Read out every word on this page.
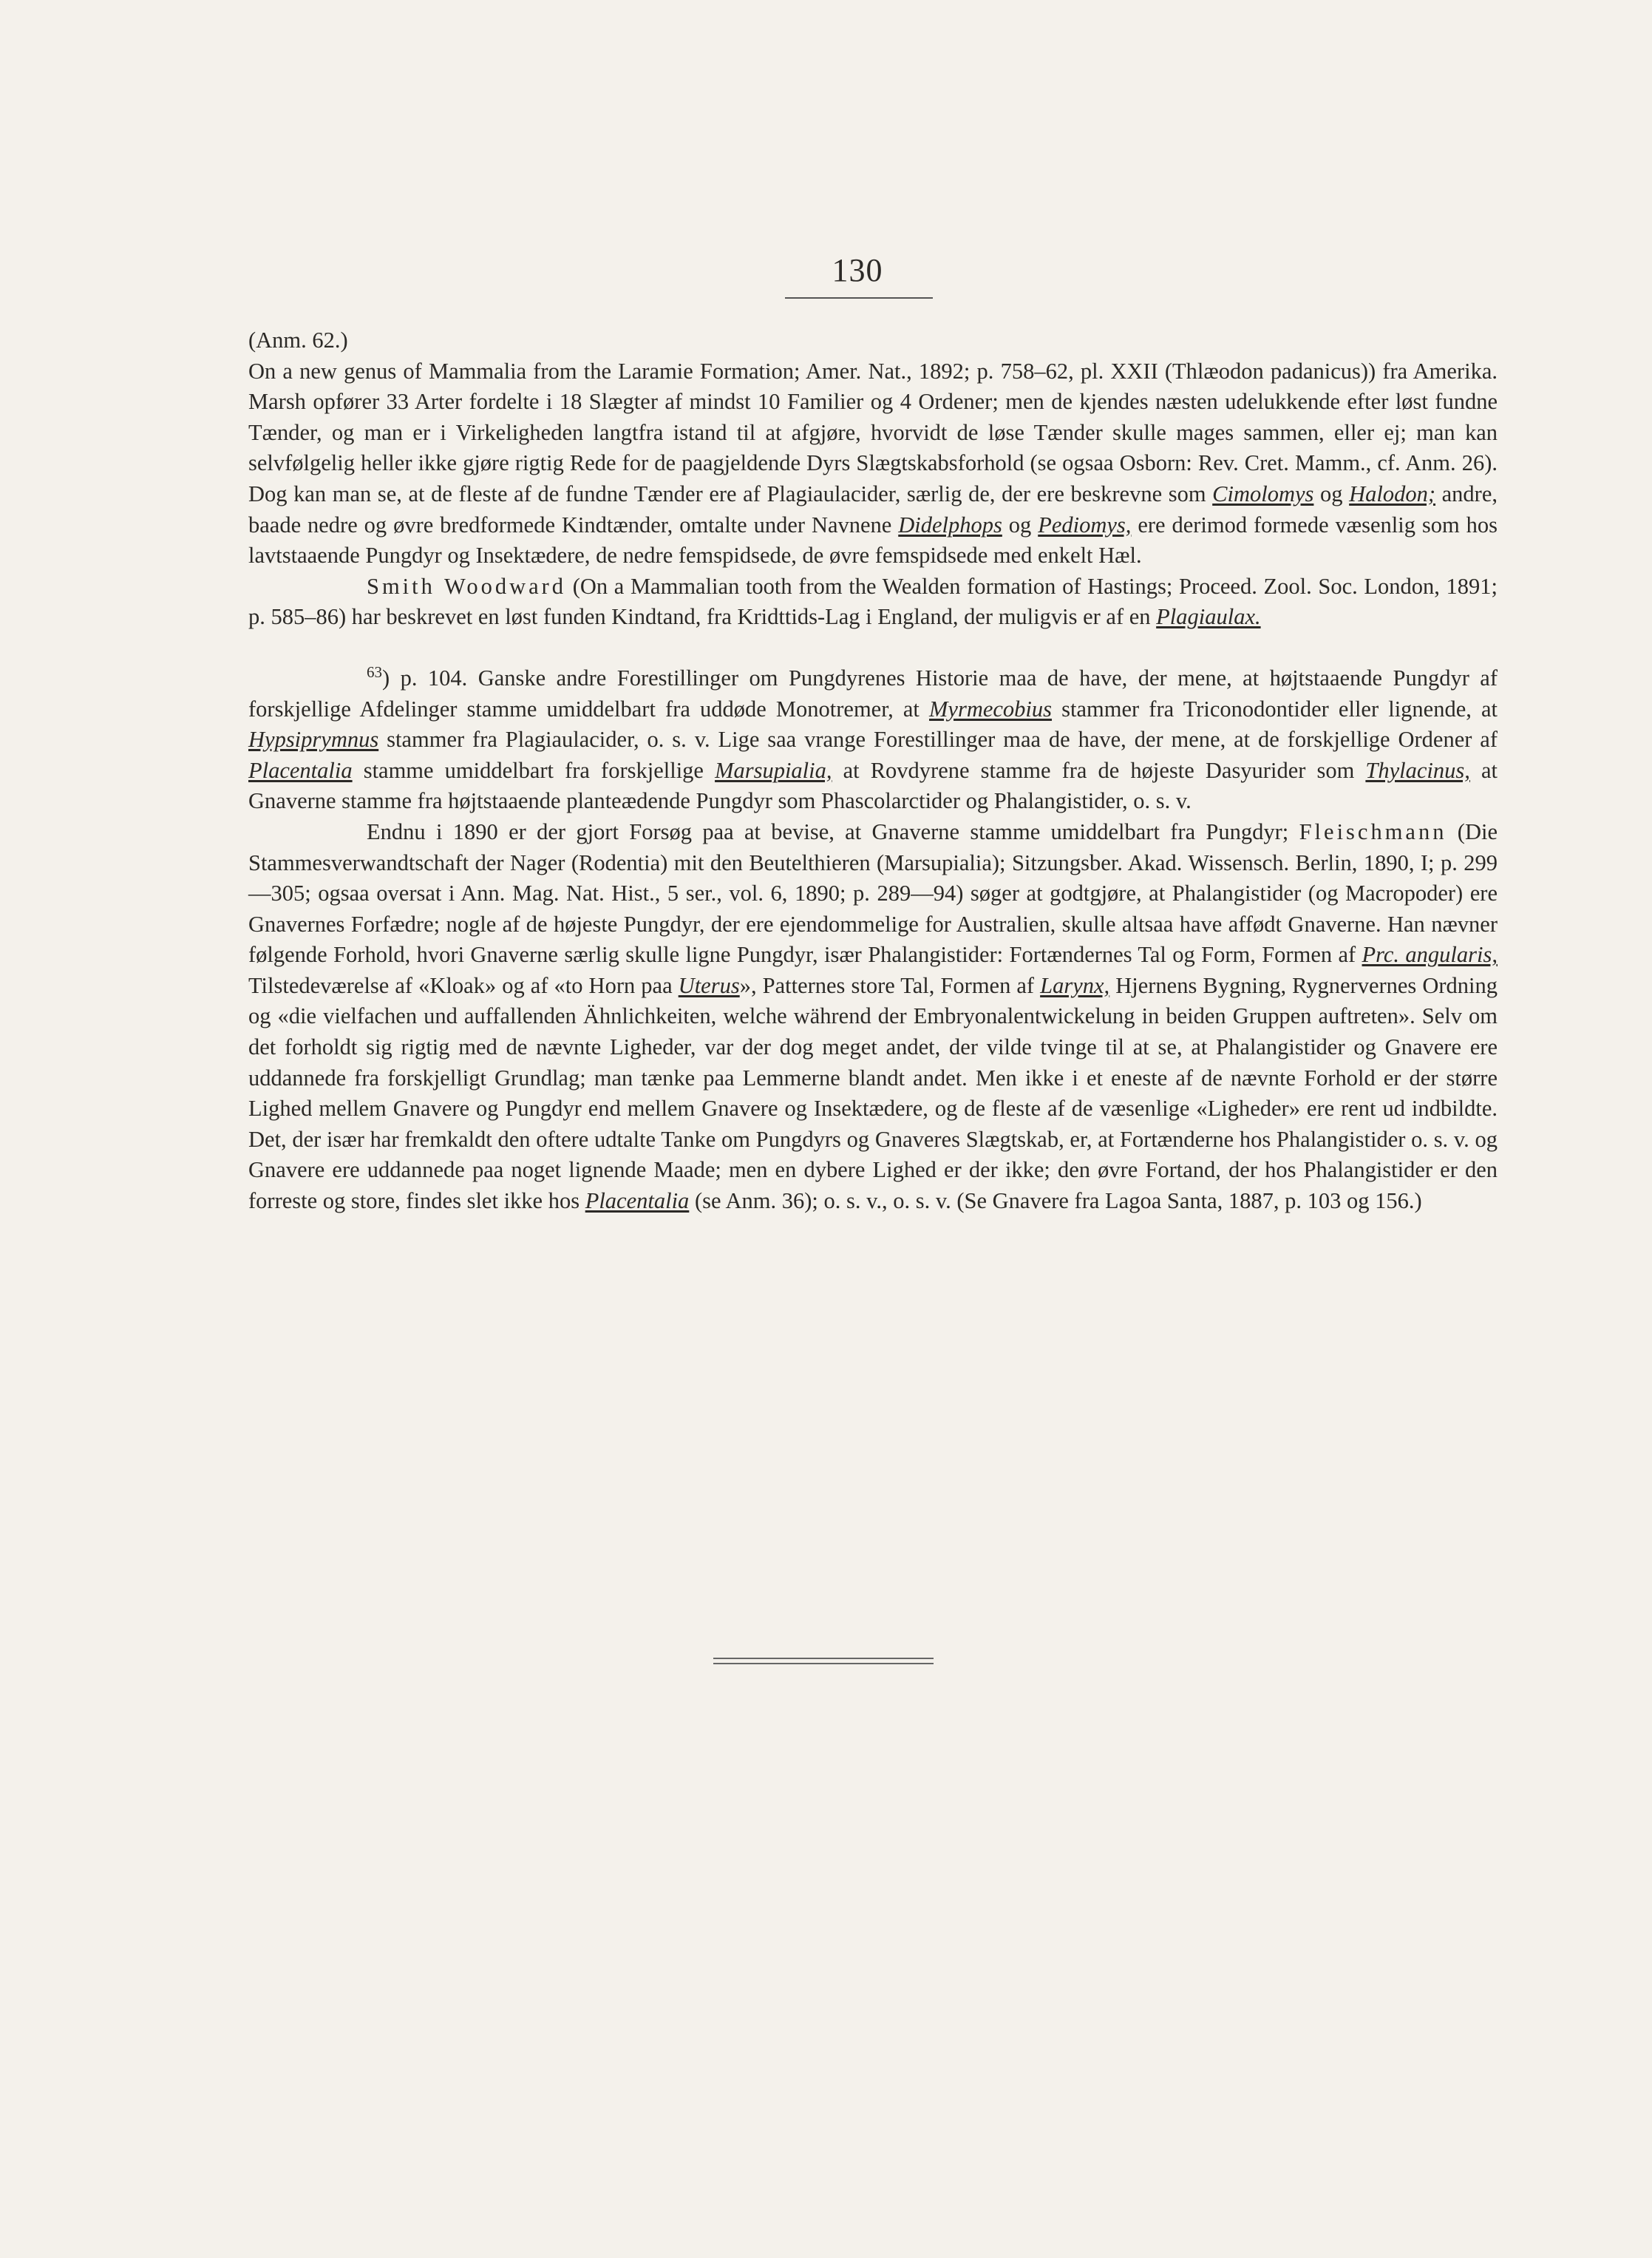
130

(Anm. 62.)

On a new genus of Mammalia from the Laramie Formation; Amer. Nat., 1892; p. 758–62, pl. XXII (Thlæodon padanicus)) fra Amerika. Marsh opfører 33 Arter fordelte i 18 Slægter af mindst 10 Familier og 4 Ordener; men de kjendes næsten udelukkende efter løst fundne Tænder, og man er i Virkeligheden langtfra istand til at afgjøre, hvorvidt de løse Tænder skulle mages sammen, eller ej; man kan selvfølgelig heller ikke gjøre rigtig Rede for de paagjeldende Dyrs Slægtskabsforhold (se ogsaa Osborn: Rev. Cret. Mamm., cf. Anm. 26). Dog kan man se, at de fleste af de fundne Tænder ere af Plagiaulacider, særlig de, der ere beskrevne som Cimolomys og Halodon; andre, baade nedre og øvre bredformede Kindtænder, omtalte under Navnene Didelphops og Pediomys, ere derimod formede væsenlig som hos lavtstaaende Pungdyr og Insektædere, de nedre femspidsede, de øvre femspidsede med enkelt Hæl.

Smith Woodward (On a Mammalian tooth from the Wealden formation of Hastings; Proceed. Zool. Soc. London, 1891; p. 585–86) har beskrevet en løst funden Kindtand, fra Kridttids-Lag i England, der muligvis er af en Plagiaulax.

$^{63}$) p. 104. Ganske andre Forestillinger om Pungdyrenes Historie maa de have, der mene, at højtstaaende Pungdyr af forskjellige Afdelinger stamme umiddelbart fra uddøde Monotremer, at Myrmecobius stammer fra Triconodontider eller lignende, at Hypsiprymnus stammer fra Plagiaulacider, o. s. v. Lige saa vrange Forestillinger maa de have, der mene, at de forskjellige Ordener af Placentalia stamme umiddelbart fra forskjellige Marsupialia, at Rovdyrene stamme fra de højeste Dasyurider som Thylacinus, at Gnaverne stamme fra højtstaaende planteædende Pungdyr som Phascolarctider og Phalangistider, o. s. v.

Endnu i 1890 er der gjort Forsøg paa at bevise, at Gnaverne stamme umiddelbart fra Pungdyr; Fleischmann (Die Stammesverwandtschaft der Nager (Rodentia) mit den Beutelthieren (Marsupialia); Sitzungsber. Akad. Wissensch. Berlin, 1890, I; p. 299—305; ogsaa oversat i Ann. Mag. Nat. Hist., 5 ser., vol. 6, 1890; p. 289—94) søger at godtgjøre, at Phalangistider (og Macropoder) ere Gnavernes Forfædre; nogle af de højeste Pungdyr, der ere ejendommelige for Australien, skulle altsaa have affødt Gnaverne. Han nævner følgende Forhold, hvori Gnaverne særlig skulle ligne Pungdyr, især Phalangistider: Fortændernes Tal og Form, Formen af Prc. angularis, Tilstedeværelse af «Kloak» og af «to Horn paa Uterus», Patternes store Tal, Formen af Larynx, Hjernens Bygning, Rygnervernes Ordning og «die vielfachen und auffallenden Ähnlichkeiten, welche während der Embryonalentwickelung in beiden Gruppen auftreten». Selv om det forholdt sig rigtig med de nævnte Ligheder, var der dog meget andet, der vilde tvinge til at se, at Phalangistider og Gnavere ere uddannede fra forskjelligt Grundlag; man tænke paa Lemmerne blandt andet. Men ikke i et eneste af de nævnte Forhold er der større Lighed mellem Gnavere og Pungdyr end mellem Gnavere og Insektædere, og de fleste af de væsenlige «Ligheder» ere rent ud indbildte. Det, der især har fremkaldt den oftere udtalte Tanke om Pungdyrs og Gnaveres Slægtskab, er, at Fortænderne hos Phalangistider o. s. v. og Gnavere ere uddannede paa noget lignende Maade; men en dybere Lighed er der ikke; den øvre Fortand, der hos Phalangistider er den forreste og store, findes slet ikke hos Placentalia (se Anm. 36); o. s. v., o. s. v. (Se Gnavere fra Lagoa Santa, 1887, p. 103 og 156.)
